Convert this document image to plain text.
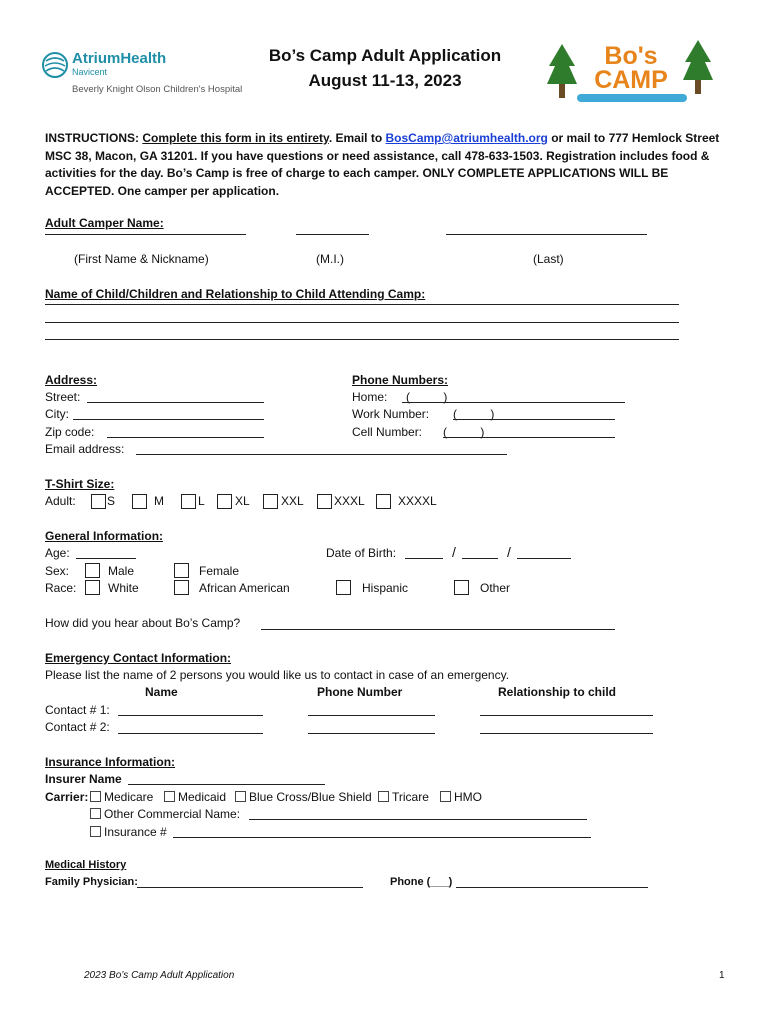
AtriumHealth
Navicent
Beverly Knight Olson Children's Hospital
Bo’s Camp Adult Application
August 11-13, 2023
Bo's CAMP
INSTRUCTIONS: Complete this form in its entirety. Email to BosCamp@atriumhealth.org or mail to 777 Hemlock Street
MSC 38, Macon, GA 31201. If you have questions or need assistance, call 478-633-1503. Registration includes food &
activities for the day. Bo’s Camp is free of charge to each camper. ONLY COMPLETE APPLICATIONS WILL BE
ACCEPTED. One camper per application.
Adult Camper Name:
(First Name & Nickname)	(M.I.)	(Last)
Name of Child/Children and Relationship to Child Attending Camp:
Address:
Street:
City:
Zip code:
Email address:
Phone Numbers:
Home: (          )
Work Number: (          )
Cell Number: (          )
T-Shirt Size:
Adult:	S	M	L	XL	XXL	XXXL	XXXXL
General Information:
Age:	Date of Birth:	/	/
Sex:	Male	Female
Race:	White	African American	Hispanic	Other
How did you hear about Bo’s Camp?
Emergency Contact Information:
Please list the name of 2 persons you would like us to contact in case of an emergency.
Name	Phone Number	Relationship to child
Contact # 1:
Contact # 2:
Insurance Information:
Insurer Name
Carrier:	Medicare	Medicaid	Blue Cross/Blue Shield	Tricare	HMO
Other Commercial Name:
Insurance #
Medical History
Family Physician:	Phone (___)
2023 Bo’s Camp Adult Application	1
